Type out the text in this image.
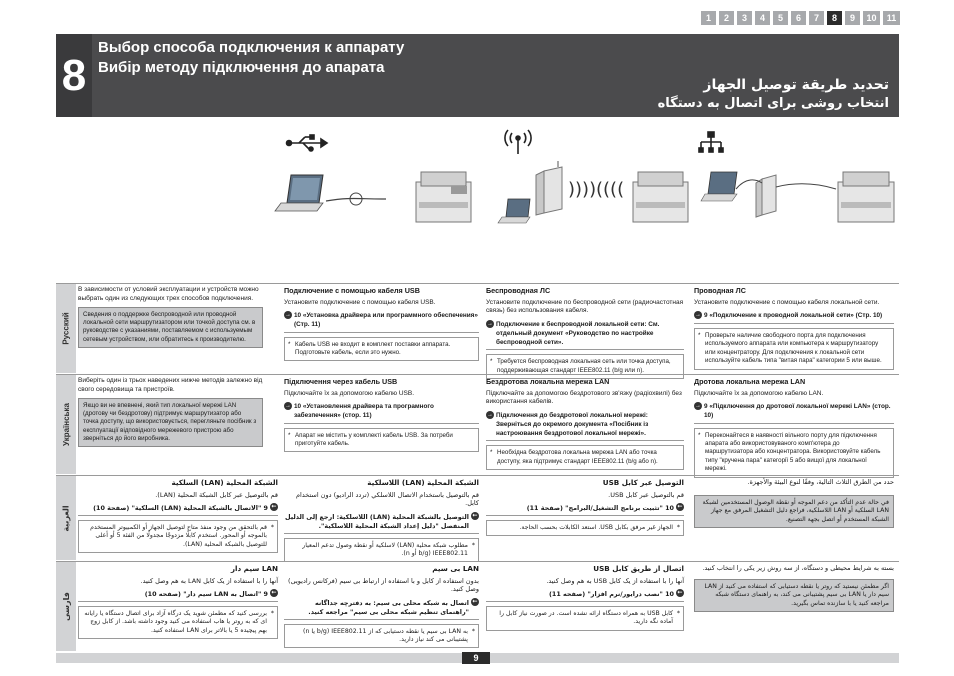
1	2	3	4	5	6	7	8	9	10	11
8
Выбор способа подключения к аппарату
Вибір методу підключення до апарата
تحديد طريقة توصيل الجهاز
انتخاب روشی برای اتصال به دستگاه
)))) ((((
Русский
В зависимости от условий эксплуатации и устройств можно выбрать один из следующих трех способов подключения.
Сведения о поддержке беспроводной или проводной локальной сети маршрутизатором или точкой доступа см. в руководстве с указаниями, поставляемом с используемым сетевым устройством, или обратитесь к производителю.
Подключение с помощью кабеля USB
Установите подключение с помощью кабеля USB.
→ 10 «Установка драйвера или программного обеспечения» (Стр. 11)
* Кабель USB не входит в комплект поставки аппарата. Подготовьте кабель, если это нужно.
Беспроводная ЛС
Установите подключение по беспроводной сети (радиочастотная связь) без использования кабеля.
→ Подключение к беспроводной локальной сети: См. отдельный документ «Руководство по настройке беспроводной сети».
* Требуется беспроводная локальная сеть или точка доступа, поддерживающая стандарт IEEE802.11 (b/g или n).
Проводная ЛС
Установите подключение с помощью кабеля локальной сети.
→ 9 «Подключение к проводной локальной сети» (Стр. 10)
* Проверьте наличие свободного порта для подключения используемого аппарата или компьютера к маршрутизатору или концентратору. Для подключения к локальной сети используйте кабель типа "витая пара" категории 5 или выше.
Українська
Виберіть один із трьох наведених нижче методів залежно від свого середовища та пристроїв.
Якщо ви не впевнені, який тип локальної мережі LAN (дротову чи бездротову) підтримує маршрутизатор або точка доступу, що використовується, перегляньте посібник з експлуатації відповідного мережевого пристрою або зверніться до його виробника.
Підключення через кабель USB
Підключайте їх за допомогою кабелю USB.
→ 10 «Установлення драйвера та програмного забезпечення» (стор. 11)
* Апарат не містить у комплекті кабель USB. За потреби приготуйте кабель.
Бездротова локальна мережа LAN
Підключайте за допомогою бездротового зв'язку (радіохвилі) без використання кабелів.
→ Підключення до бездротової локальної мережі: Зверніться до окремого документа «Посібник із настроювання бездротової локальної мережі».
* Необхідна бездротова локальна мережа LAN або точка доступу, яка підтримує стандарт IEEE802.11 (b/g або n).
Дротова локальна мережа LAN
Підключайте їх за допомогою кабелю LAN.
→ 9 «Підключення до дротової локальної мережі LAN» (стор. 10)
* Переконайтеся в наявності вільного порту для підключення апарата або використовуваного комп'ютера до маршрутизатора або концентратора. Використовуйте кабель типу "кручена пара" категорії 5 або вищої для локальної мережі.
العربية
حدد من الطرق الثلاث التالية، وفقًا لنوع البيئة والأجهزة.
الشبكة المحلية (LAN) السلكية
قم بالتوصيل عبر كابل الشبكة المحلية (LAN).
← 9 "الاتصال بالشبكة المحلية (LAN) السلكية" (صفحة 10)
* قم بالتحقق من وجود منفذ متاح لتوصيل الجهاز أو الكمبيوتر المستخدم بالموجه أو المحور. استخدم كابلًا مزدوجًا مجدولًا من الفئة 5 أو أعلى للتوصيل بالشبكة المحلية (LAN).
التوصيل عبر كابل USB
قم بالتوصيل عبر كابل USB.
← 10 "تثبيت برنامج التشغيل/البرامج" (صفحة 11)
* الجهاز غير مرفق بكابل USB. استعد الكابلات بحسب الحاجة.
الشبكة المحلية (LAN) اللاسلكية
قم بالتوصيل باستخدام الاتصال اللاسلكي (تردد الراديو) دون استخدام كابل.
← التوصيل بالشبكة المحلية (LAN) اللاسلكية: ارجع إلى الدليل المنفصل "دليل إعداد الشبكة المحلية اللاسلكية".
* مطلوب شبكة محلية (LAN) لاسلكية أو نقطة وصول تدعم المعيار IEEE802.11 (b/g أو n).
فارسی
بسته به شرایط محیطی و دستگاه، از سه روش زیر یکی را انتخاب کنید.
LAN سیم دار
آنها را با استفاده از یک کابل LAN به هم وصل کنید.
← 9 "اتصال به LAN سیم دار" (صفحه 10)
* بررسی کنید که مطمئن شوید یک درگاه آزاد برای اتصال دستگاه یا رایانه ای که به روتر یا هاب استفاده می کنید وجود داشته باشد. از کابل زوج بهم پیچیده 5 یا بالاتر برای LAN استفاده کنید.
اتصال از طریق کابل USB
آنها را با استفاده از یک کابل USB به هم وصل کنید.
← 10 "نصب درایور/نرم افزار" (صفحه 11)
* کابل USB به همراه دستگاه ارائه نشده است. در صورت نیاز کابل را آماده نگه دارید.
LAN بی سیم
بدون استفاده از کابل و با استفاده از ارتباط بی سیم (فرکانس رادیویی) وصل کنید.
← اتصال به شبکه محلی بی سیم: به دفترچه جداگانه "راهنمای تنظیم شبکه محلی بی سیم" مراجعه کنید.
* به LAN بی سیم یا نقطه دستیابی که از IEEE802.11 (b/g یا n) پشتیبانی می کند نیاز دارید.
في حالة عدم التأكد من دعم الموجه أو نقطة الوصول المستخدمين لشبكة LAN السلكية أو LAN اللاسلكية، فراجع دليل التشغيل المرفق مع جهاز الشبكة المستخدم أو اتصل بجهة التصنيع.
اگر مطمئن نیستید که روتر یا نقطه دستیابی که استفاده می کنید از LAN سیم دار یا LAN بی سیم پشتیبانی می کند، به راهنمای دستگاه شبکه مراجعه کنید یا با سازنده تماس بگیرید.
9
